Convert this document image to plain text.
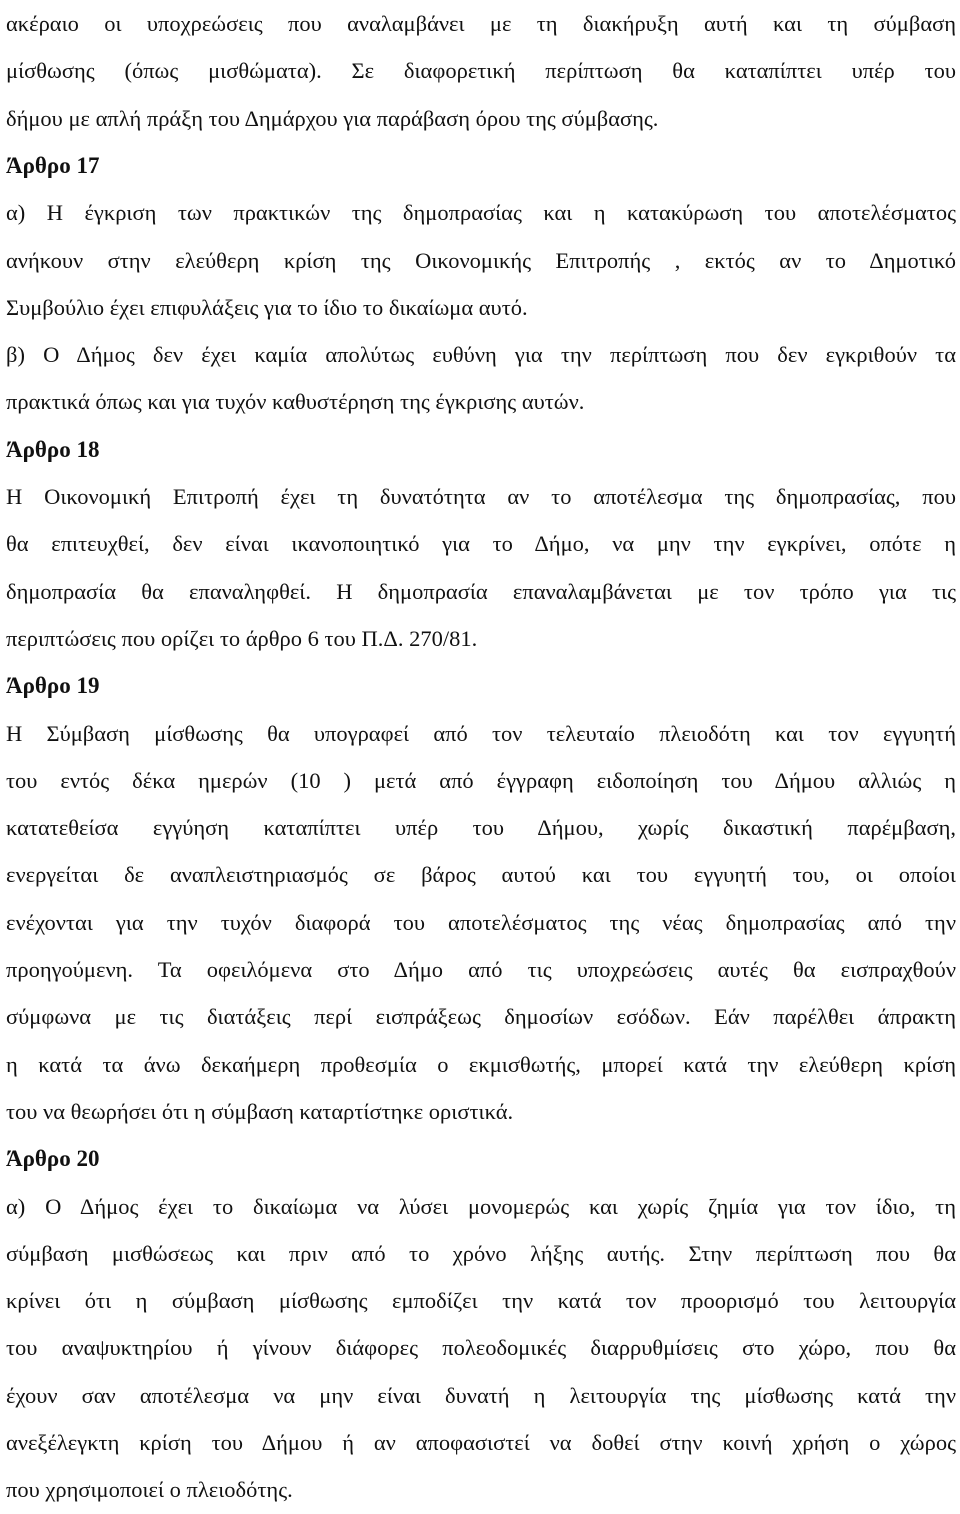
ακέραιο οι υποχρεώσεις που αναλαμβάνει με τη διακήρυξη αυτή και τη σύμβαση
μίσθωσης (όπως μισθώματα). Σε διαφορετική περίπτωση θα καταπίπτει υπέρ του
δήμου με απλή πράξη του Δημάρχου για παράβαση όρου της σύμβασης.
Άρθρο 17
α) Η έγκριση των πρακτικών της δημοπρασίας και η κατακύρωση του αποτελέσματος
ανήκουν στην ελεύθερη κρίση της Οικονομικής Επιτροπής , εκτός αν το Δημοτικό
Συμβούλιο έχει επιφυλάξεις για το ίδιο το δικαίωμα αυτό.
β) Ο Δήμος δεν έχει καμία απολύτως ευθύνη για την περίπτωση που δεν εγκριθούν τα
πρακτικά όπως και για τυχόν καθυστέρηση της έγκρισης αυτών.
Άρθρο 18
Η Οικονομική Επιτροπή έχει τη δυνατότητα αν το αποτέλεσμα της δημοπρασίας, που
θα επιτευχθεί, δεν είναι ικανοποιητικό για το Δήμο, να μην την εγκρίνει, οπότε η
δημοπρασία θα επαναληφθεί. Η δημοπρασία επαναλαμβάνεται με τον τρόπο για τις
περιπτώσεις που ορίζει το άρθρο 6 του Π.Δ. 270/81.
Άρθρο 19
Η Σύμβαση μίσθωσης θα υπογραφεί από τον τελευταίο πλειοδότη και τον εγγυητή
του εντός δέκα ημερών (10 ) μετά από έγγραφη ειδοποίηση του Δήμου αλλιώς η
κατατεθείσα εγγύηση καταπίπτει υπέρ του Δήμου, χωρίς δικαστική παρέμβαση,
ενεργείται δε αναπλειστηριασμός σε βάρος αυτού και του εγγυητή του, οι οποίοι
ενέχονται για την τυχόν διαφορά του αποτελέσματος της νέας δημοπρασίας από την
προηγούμενη. Τα οφειλόμενα στο Δήμο από τις υποχρεώσεις αυτές θα εισπραχθούν
σύμφωνα με τις διατάξεις περί εισπράξεως δημοσίων εσόδων. Εάν παρέλθει άπρακτη
η κατά τα άνω δεκαήμερη προθεσμία ο εκμισθωτής, μπορεί κατά την ελεύθερη κρίση
του να θεωρήσει ότι η σύμβαση καταρτίστηκε οριστικά.
Άρθρο 20
α) Ο Δήμος έχει το δικαίωμα να λύσει μονομερώς και χωρίς ζημία για τον ίδιο, τη
σύμβαση μισθώσεως και πριν από το χρόνο λήξης αυτής. Στην περίπτωση που θα
κρίνει ότι η σύμβαση μίσθωσης εμποδίζει την κατά τον προορισμό του λειτουργία
του αναψυκτηρίου ή γίνουν διάφορες πολεοδομικές διαρρυθμίσεις στο χώρο, που θα
έχουν σαν αποτέλεσμα να μην είναι δυνατή η λειτουργία της μίσθωσης κατά την
ανεξέλεγκτη κρίση του Δήμου ή αν αποφασιστεί να δοθεί στην κοινή χρήση ο χώρος
που χρησιμοποιεί ο πλειοδότης.
